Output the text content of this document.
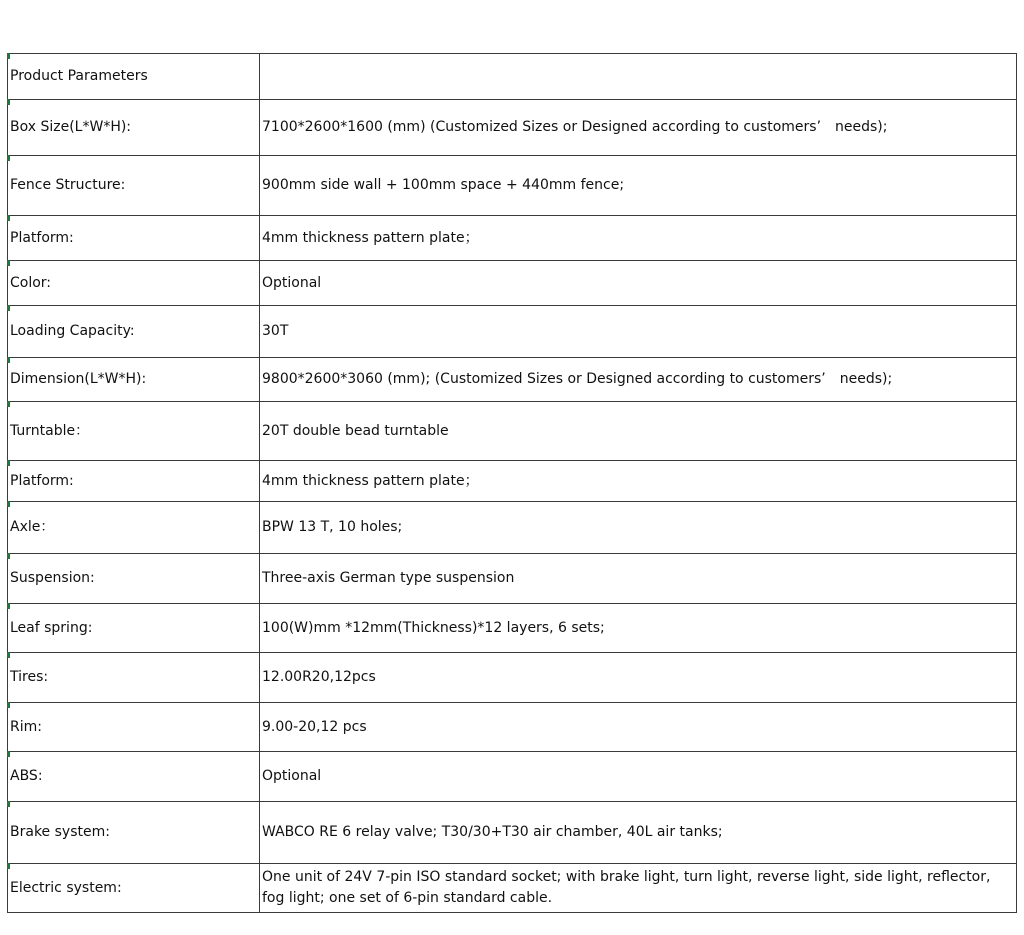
Product Parameters	
Box Size(L*W*H):	7100*2600*1600 (mm) (Customized Sizes or Designed according to customers’　needs);
Fence Structure:	900mm side wall + 100mm space + 440mm fence;
Platform:	4mm thickness pattern plate；
Color:	Optional
Loading Capacity:	30T
Dimension(L*W*H):	9800*2600*3060 (mm); (Customized Sizes or Designed according to customers’　needs);
Turntable：	20T double bead turntable
Platform:	4mm thickness pattern plate；
Axle：	BPW 13 T, 10 holes;
Suspension:	Three-axis German type suspension
Leaf spring:	100(W)mm *12mm(Thickness)*12 layers, 6 sets;
Tires:	12.00R20,12pcs
Rim:	9.00-20,12 pcs
ABS:	Optional
Brake system:	WABCO RE 6 relay valve; T30/30+T30 air chamber, 40L air tanks;
Electric system:	One unit of 24V 7-pin ISO standard socket; with brake light, turn light, reverse light, side light, reflector, fog light; one set of 6-pin standard cable.
